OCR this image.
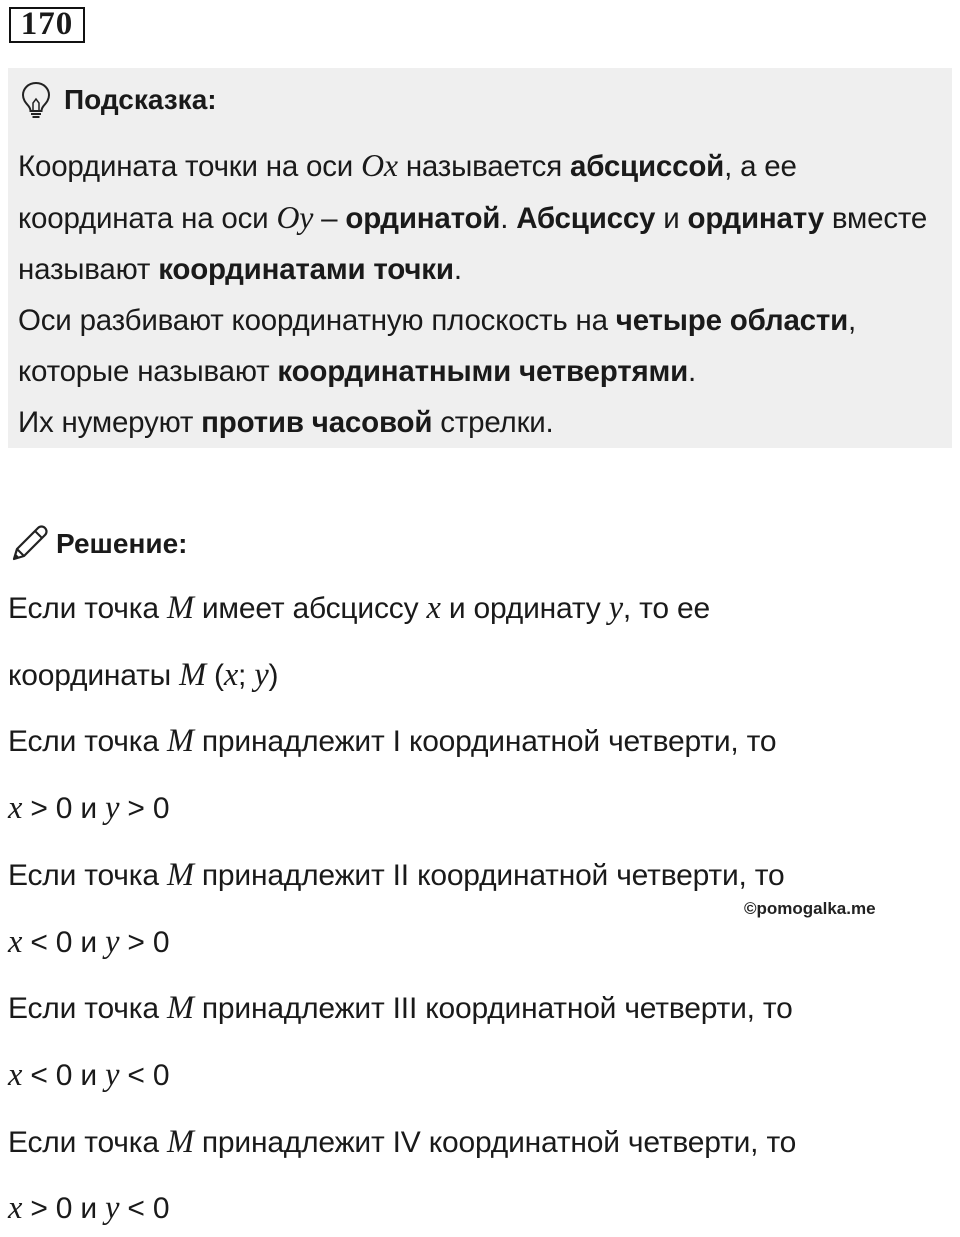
170
Подсказка:

Координата точки на оси Ox называется абсциссой, а ее координата на оси Oy – ординатой. Абсциссу и ординату вместе называют координатами точки.

Оси разбивают координатную плоскость на четыре области, которые называют координатными четвертями.

Их нумеруют против часовой стрелки.

Решение:
Если точка M имеет абсциссу x и ординату y, то ее
координаты M (x; y)
Если точка M принадлежит I координатной четверти, то
x > 0 и y > 0
Если точка M принадлежит II координатной четверти, то
©pomogalka.me
x < 0 и y > 0
Если точка M принадлежит III координатной четверти, то
x < 0 и y < 0
Если точка M принадлежит IV координатной четверти, то
x > 0 и y < 0
